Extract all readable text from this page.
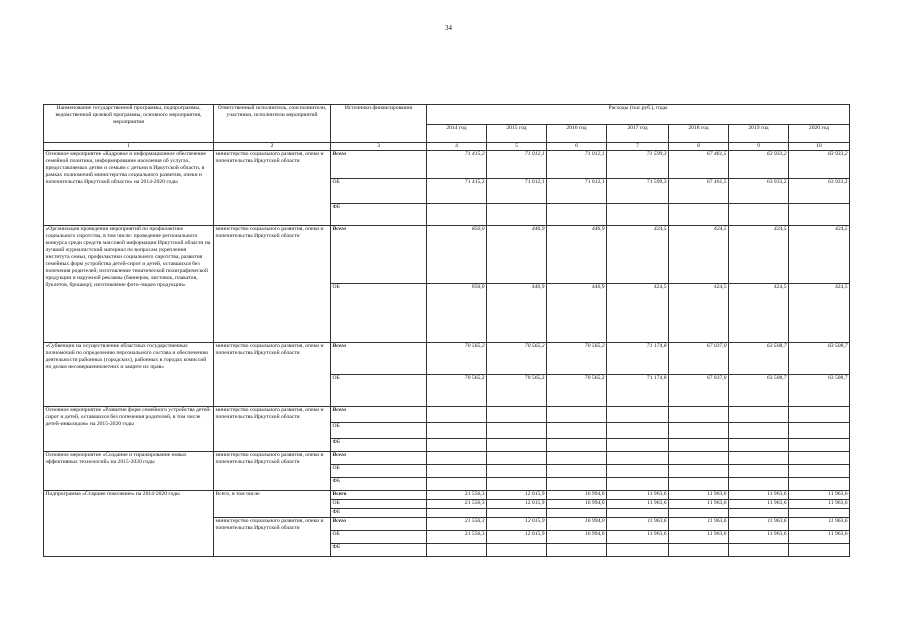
34
Наименование государственной программы, подпрограммы, ведомственной целевой программы, основного мероприятия, мероприятия	Ответственный исполнитель, соисполнители, участники, исполнители мероприятий	Источники финансирования	Расходы (тыс.руб.), годы						
			2014 год	2015 год	2016 год	2017 год	2018 год	2019 год	2020 год
1	2	3	4	5	6	7	8	9	10
Основное мероприятие «Кадровое и информационное обеспечение семейной политики, информирование населения об услугах, предоставляемых детям и семьям с детьми в Иркутской области, в рамках полномочий министерства социального развития, опеки и попечительства Иркутской области» на 2014-2020 годы	министерство социального развития, опеки и попечительства Иркутской области	Всего	71 415,2	71 012,1	71 012,1	71 599,3	67 461,5	63 933,2	63 933,2
		ОБ	71 415,2	71 012,1	71 012,1	71 599,3	67 461,5	63 933,2	63 933,2
		ФБ							
«Организация проведения мероприятий по профилактике социального сиротства, в том числе: проведение регионального конкурса среди средств массовой информации Иркутской области на лучший журналистский материал по вопросам укрепления института семьи, профилактики социального сиротства, развития семейных форм устройства детей-сирот и детей, оставшихся без попечения родителей; изготовление тематической полиграфической продукции и наружной рекламы (баннеров, листовок, плакатов, буклетов, брошюр); изготовление фото-/видео продукции»	министерство социального развития, опеки и попечительства Иркутской области	Всего	850,0	446,9	446,9	424,5	424,5	424,5	424,5
		ОБ	850,0	446,9	446,9	424,5	424,5	424,5	424,5
«Субвенции на осуществление областных государственных полномочий по определению персонального состава и обеспечению деятельности районных (городских), районных в городах комиссий по делам несовершеннолетних и защите их прав»	министерство социального развития, опеки и попечительства Иркутской области	Всего	70 565,2	70 565,2	70 565,2	71 174,8	67 037,0	63 508,7	63 508,7
		ОБ	70 565,2	70 565,2	70 565,2	71 174,8	67 037,0	63 508,7	63 508,7
Основное мероприятие «Развитие форм семейного устройства детей-сирот и детей, оставшихся без попечения родителей, в том числе детей-инвалидов» на 2015-2020 годы	министерство социального развития, опеки и попечительства Иркутской области	Всего							
		ОБ							
		ФБ							
Основное мероприятие «Создание и тиражирование новых эффективных технологий» на 2015-2020 годы	министерство социального развития, опеки и попечительства Иркутской области	Всего							
		ОБ							
		ФБ							
Подпрограмма «Старшее поколение» на 2014-2020 годы	Всего, в том числе	Всего	21 556,3	12 015,9	16 994,0	11 963,6	11 963,6	11 963,6	11 963,6
		ОБ	21 556,3	12 015,9	16 994,0	11 963,6	11 963,6	11 963,6	11 963,6
		ФБ							
	министерство социального развития, опеки и попечительства Иркутской области	Всего	21 556,3	12 015,9	16 994,0	11 963,6	11 963,6	11 963,6	11 963,6
		ОБ	21 556,3	12 015,9	16 994,0	11 963,6	11 963,6	11 963,6	11 963,6
		ФБ							
